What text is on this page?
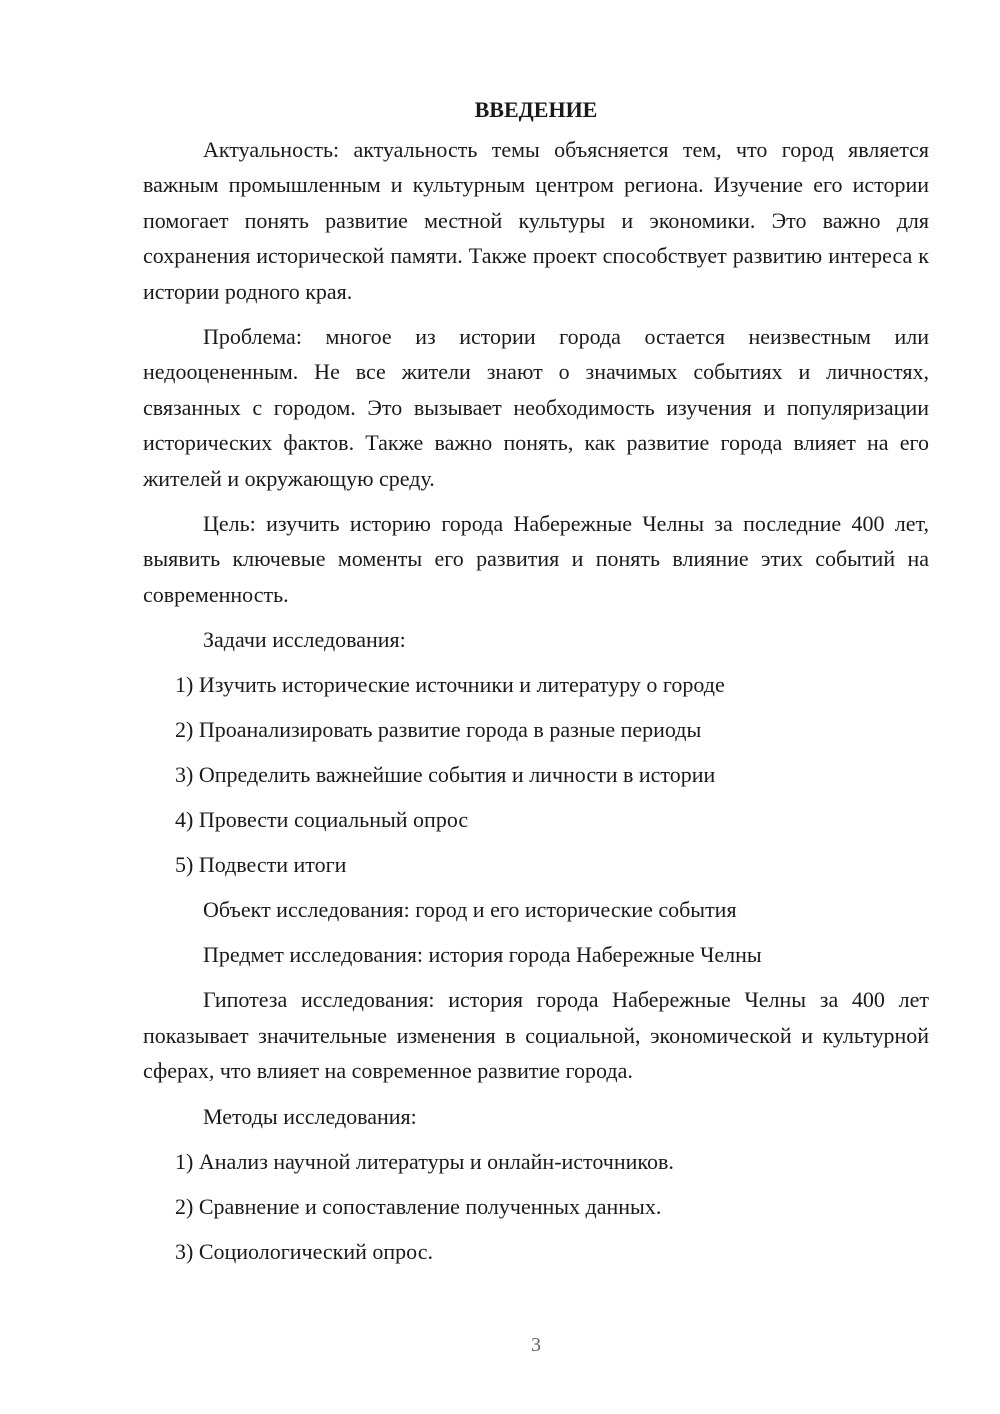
ВВЕДЕНИЕ

Актуальность: актуальность темы объясняется тем, что город является важным промышленным и культурным центром региона. Изучение его истории помогает понять развитие местной культуры и экономики. Это важно для сохранения исторической памяти. Также проект способствует развитию интереса к истории родного края.

Проблема: многое из истории города остается неизвестным или недооцененным. Не все жители знают о значимых событиях и личностях, связанных с городом. Это вызывает необходимость изучения и популяризации исторических фактов. Также важно понять, как развитие города влияет на его жителей и окружающую среду.

Цель: изучить историю города Набережные Челны за последние 400 лет, выявить ключевые моменты его развития и понять влияние этих событий на современность.

Задачи исследования:

1) Изучить исторические источники и литературу о городе

2) Проанализировать развитие города в разные периоды

3) Определить важнейшие события и личности в истории

4) Провести социальный опрос

5) Подвести итоги

Объект исследования: город и его исторические события

Предмет исследования: история города Набережные Челны

Гипотеза исследования: история города Набережные Челны за 400 лет показывает значительные изменения в социальной, экономической и культурной сферах, что влияет на современное развитие города.

Методы исследования:

1) Анализ научной литературы и онлайн-источников.

2) Сравнение и сопоставление полученных данных.

3) Социологический опрос.

3
